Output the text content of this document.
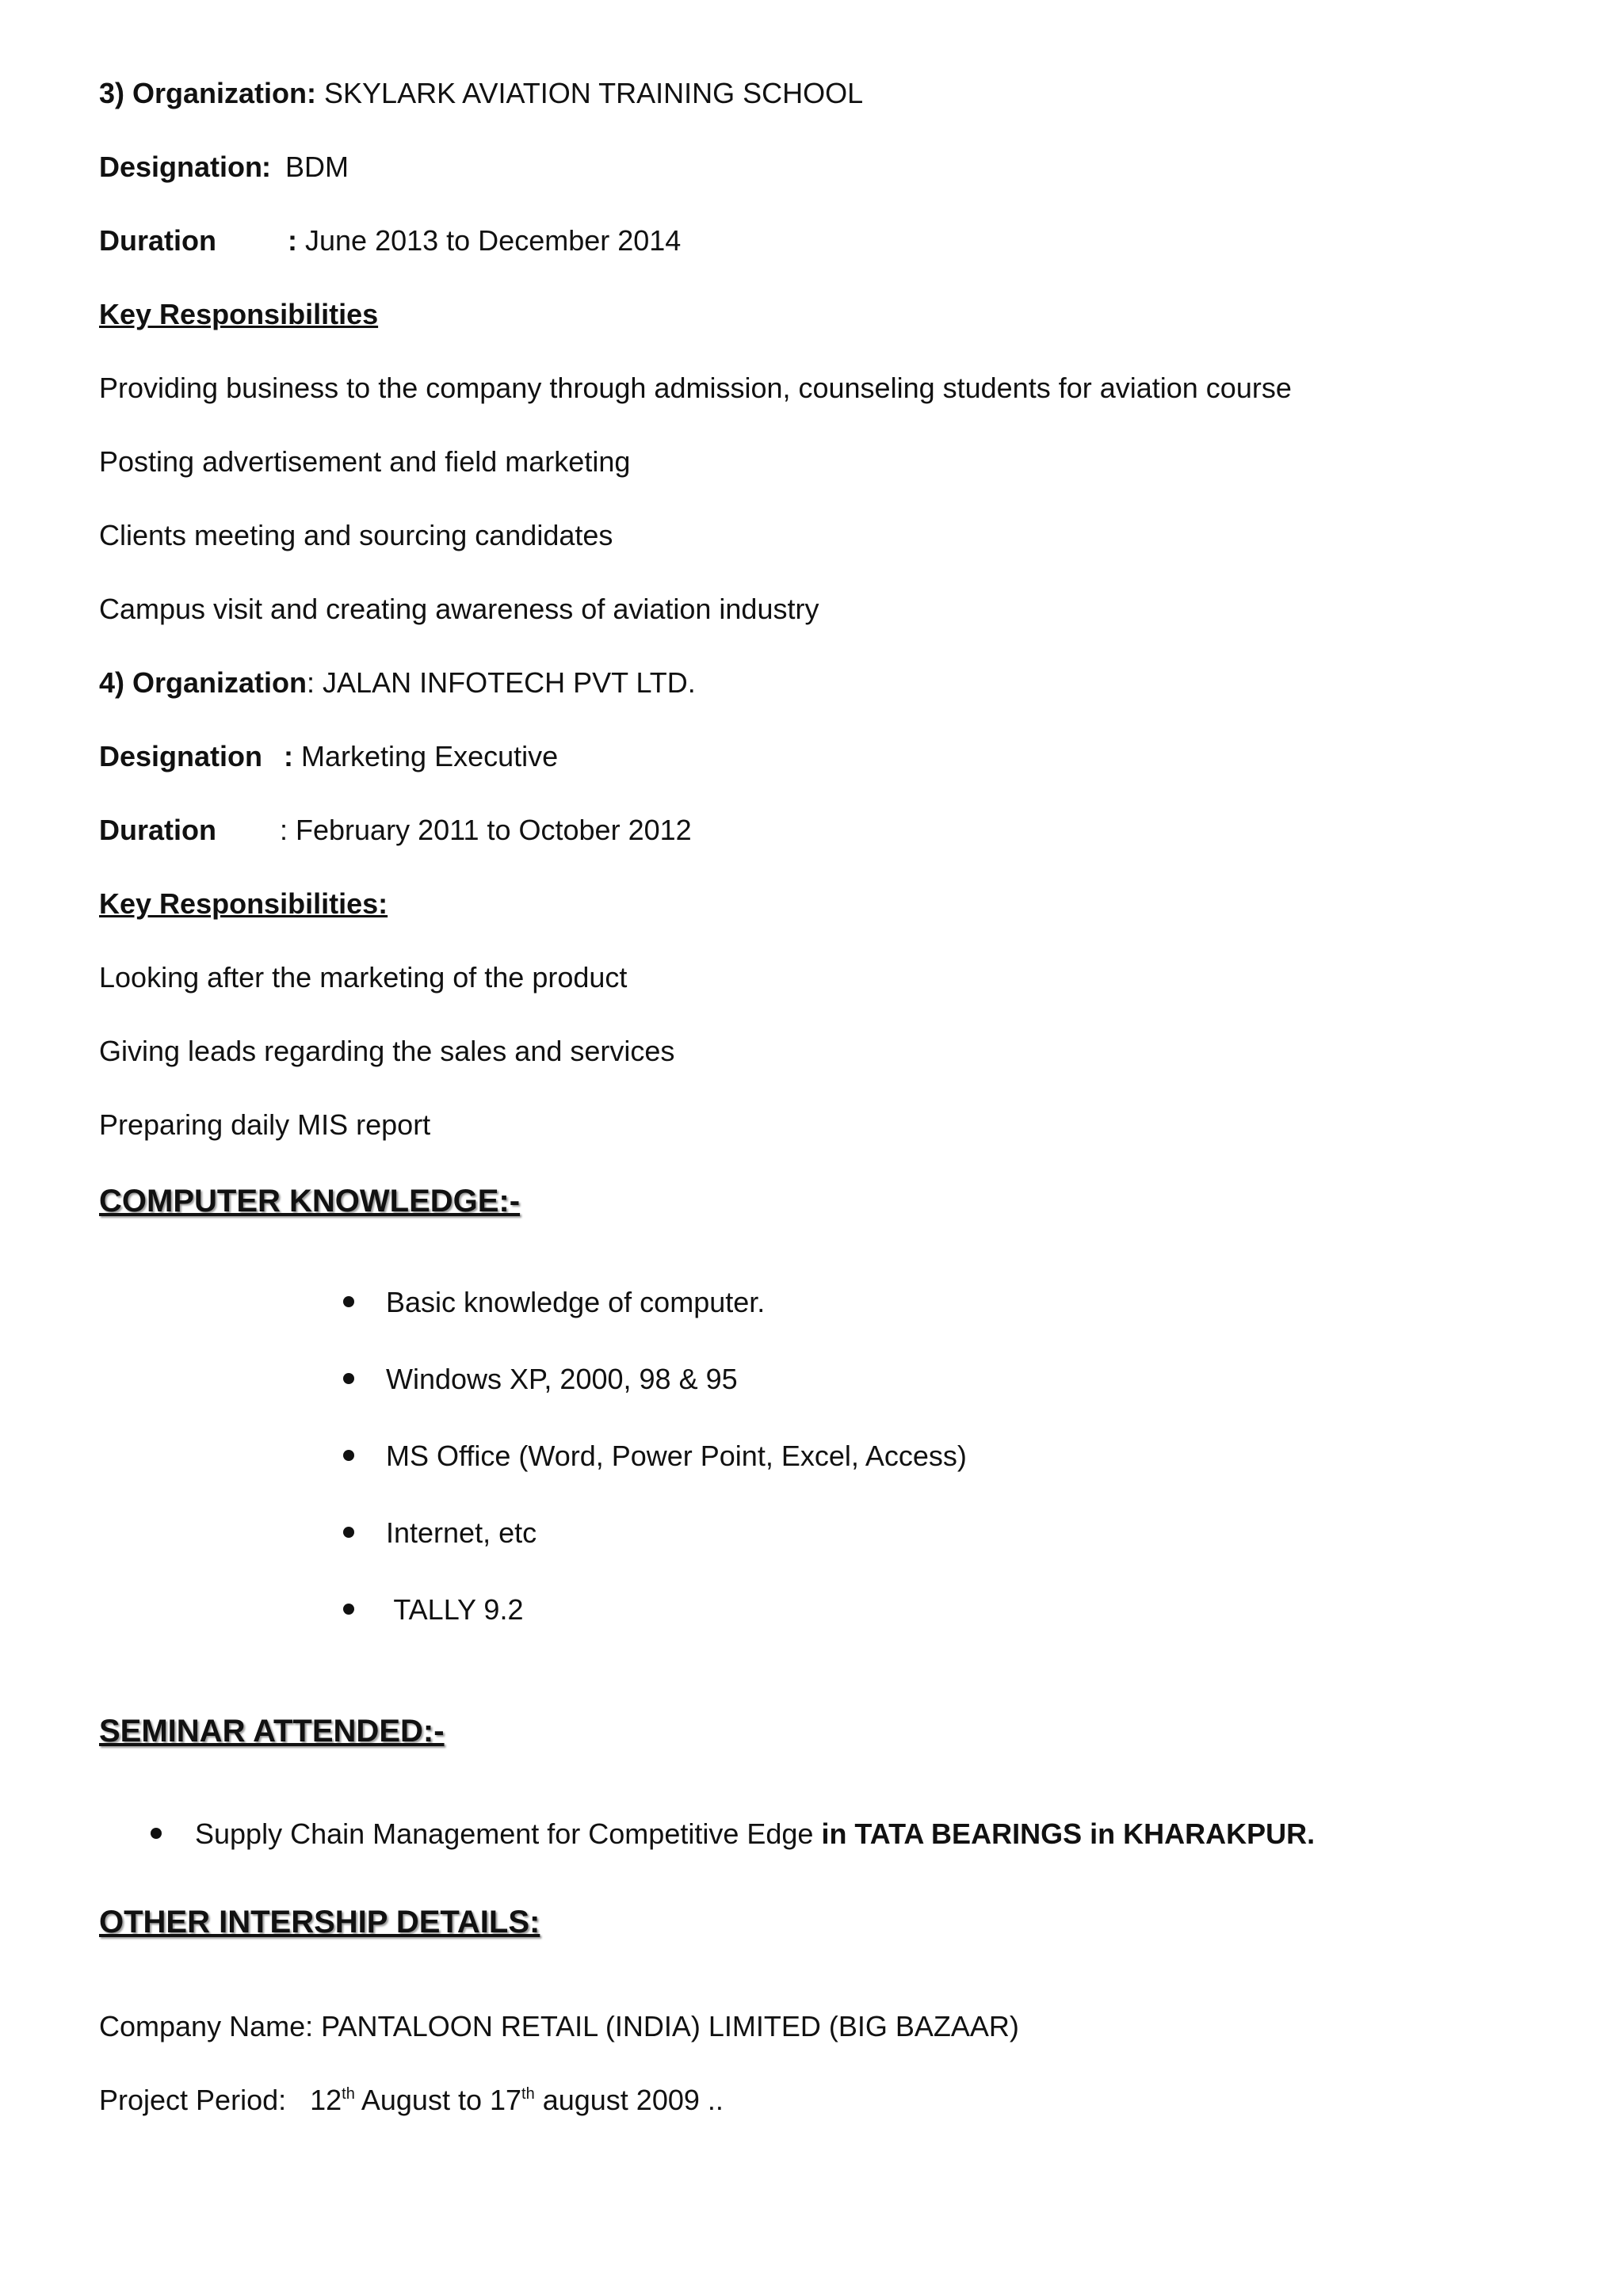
3) Organization: SKYLARK AVIATION TRAINING SCHOOL
Designation: BDM
Duration	: June 2013 to December 2014
Key Responsibilities
Providing business to the company through admission, counseling students for aviation course
Posting advertisement and field marketing
Clients meeting and sourcing candidates
Campus visit and creating awareness of aviation industry
4) Organization: JALAN INFOTECH PVT LTD.
Designation : Marketing Executive
Duration : February 2011 to October 2012
Key Responsibilities:
Looking after the marketing of the product
Giving leads regarding the sales and services
Preparing daily MIS report
COMPUTER KNOWLEDGE:-
Basic knowledge of computer.
Windows XP, 2000, 98 & 95
MS Office (Word, Power Point, Excel, Access)
Internet, etc
TALLY 9.2
SEMINAR ATTENDED:-
Supply Chain Management for Competitive Edge in TATA BEARINGS in KHARAKPUR.
OTHER INTERSHIP DETAILS:
Company Name: PANTALOON RETAIL (INDIA) LIMITED (BIG BAZAAR)
Project Period:   12th August to 17th august 2009 ..
